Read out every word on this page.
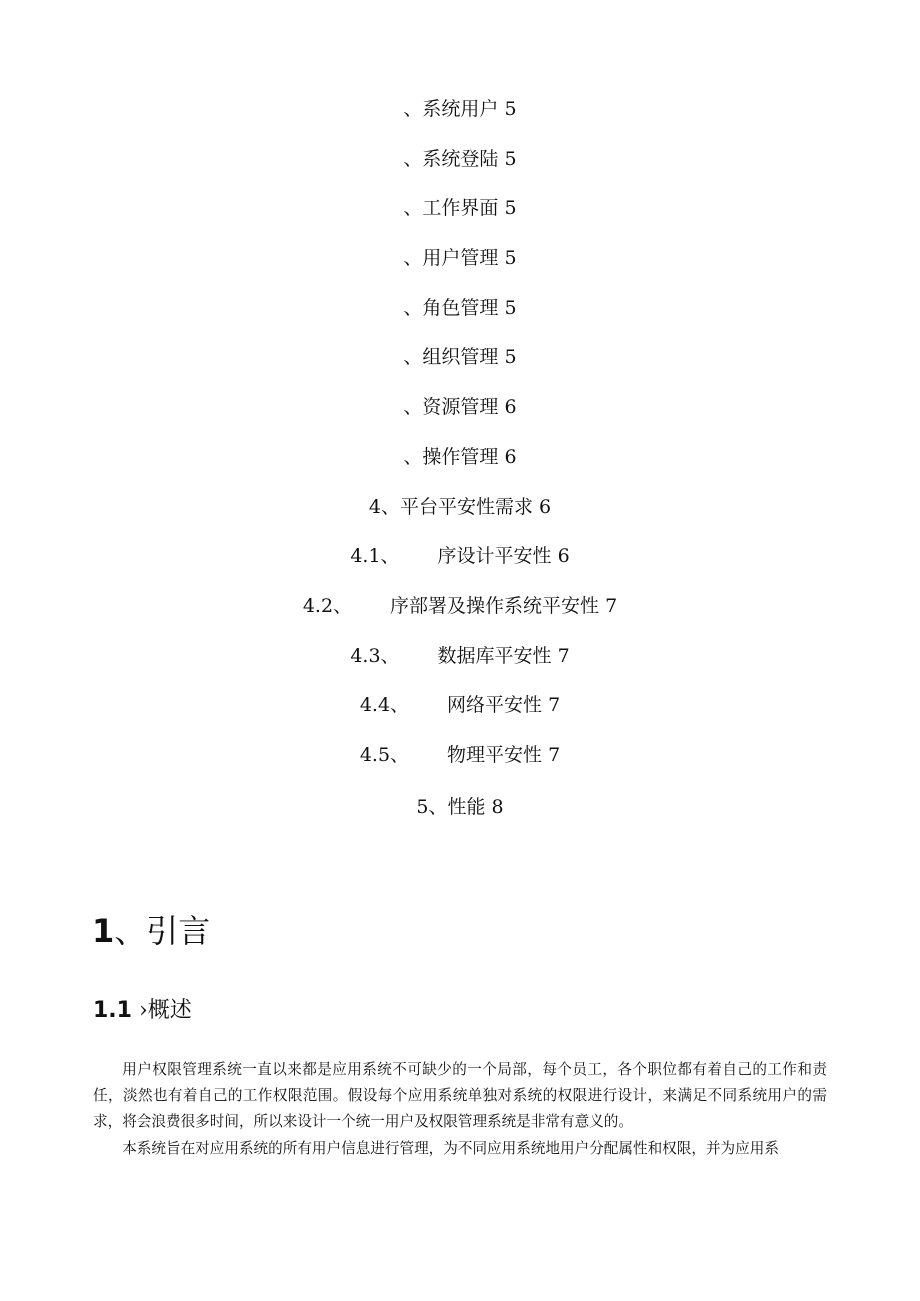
、系统用户 5
、系统登陆 5
、工作界面 5
、用户管理 5
、角色管理 5
、组织管理 5
、资源管理 6
、操作管理 6
4、平台平安性需求 6
4.1、 序设计平安性 6
4.2、 序部署及操作系统平安性 7
4.3、 数据库平安性 7
4.4、 网络平安性 7
4.5、 物理平安性 7
5、性能 8
1、引言
1.1 ›概述

用户权限管理系统一直以来都是应用系统不可缺少的一个局部，每个员工，各个职位都有着自己的工作和责任，淡然也有着自己的工作权限范围。假设每个应用系统单独对系统的权限进行设计，来满足不同系统用户的需求，将会浪费很多时间，所以来设计一个统一用户及权限管理系统是非常有意义的。

本系统旨在对应用系统的所有用户信息进行管理，为不同应用系统地用户分配属性和权限，并为应用系
